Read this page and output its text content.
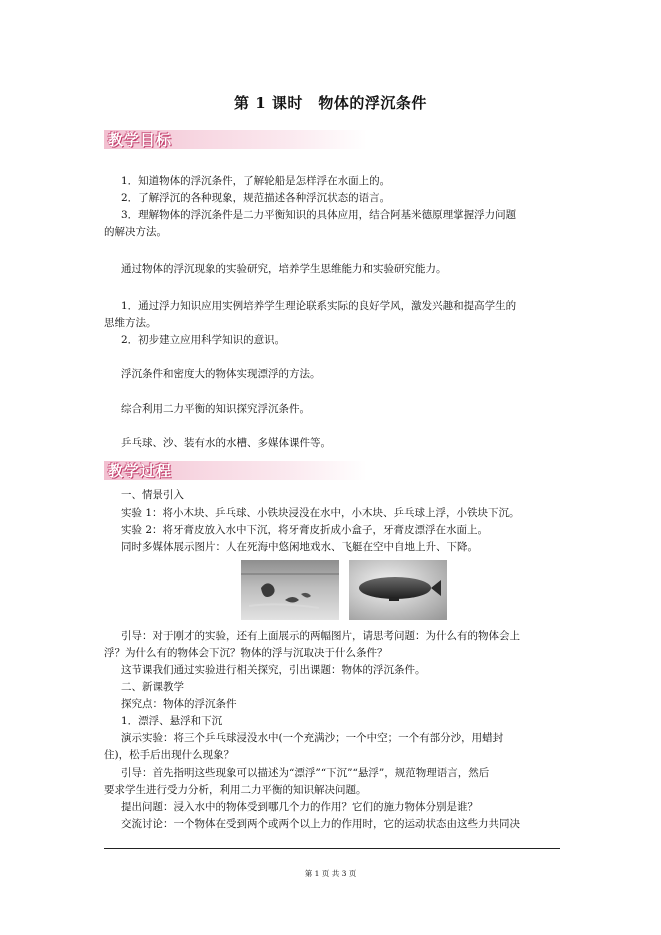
第 1 课时　物体的浮沉条件
教学目标
1．知道物体的浮沉条件，了解轮船是怎样浮在水面上的。
2．了解浮沉的各种现象，规范描述各种浮沉状态的语言。
3．理解物体的浮沉条件是二力平衡知识的具体应用，结合阿基米德原理掌握浮力问题
的解决方法。
通过物体的浮沉现象的实验研究，培养学生思维能力和实验研究能力。
1．通过浮力知识应用实例培养学生理论联系实际的良好学风，激发兴趣和提高学生的
思维方法。
2．初步建立应用科学知识的意识。
浮沉条件和密度大的物体实现漂浮的方法。
综合利用二力平衡的知识探究浮沉条件。
乒乓球、沙、装有水的水槽、多媒体课件等。
教学过程
一、情景引入
实验 1：将小木块、乒乓球、小铁块浸没在水中，小木块、乒乓球上浮，小铁块下沉。
实验 2：将牙膏皮放入水中下沉，将牙膏皮折成小盒子，牙膏皮漂浮在水面上。
同时多媒体展示图片：人在死海中悠闲地戏水、飞艇在空中自地上升、下降。
引导：对于刚才的实验，还有上面展示的两幅图片，请思考问题：为什么有的物体会上
浮？为什么有的物体会下沉？物体的浮与沉取决于什么条件？
这节课我们通过实验进行相关探究，引出课题：物体的浮沉条件。
二、新课教学
探究点：物体的浮沉条件
1．漂浮、悬浮和下沉
演示实验：将三个乒乓球浸没水中(一个充满沙；一个中空；一个有部分沙，用蜡封
住)，松手后出现什么现象？
引导：首先指明这些现象可以描述为“漂浮”“下沉”“悬浮”，规范物理语言，然后
要求学生进行受力分析，利用二力平衡的知识解决问题。
提出问题：浸入水中的物体受到哪几个力的作用？它们的施力物体分别是谁？
交流讨论：一个物体在受到两个或两个以上力的作用时，它的运动状态由这些力共同决
第 1 页 共 3 页
